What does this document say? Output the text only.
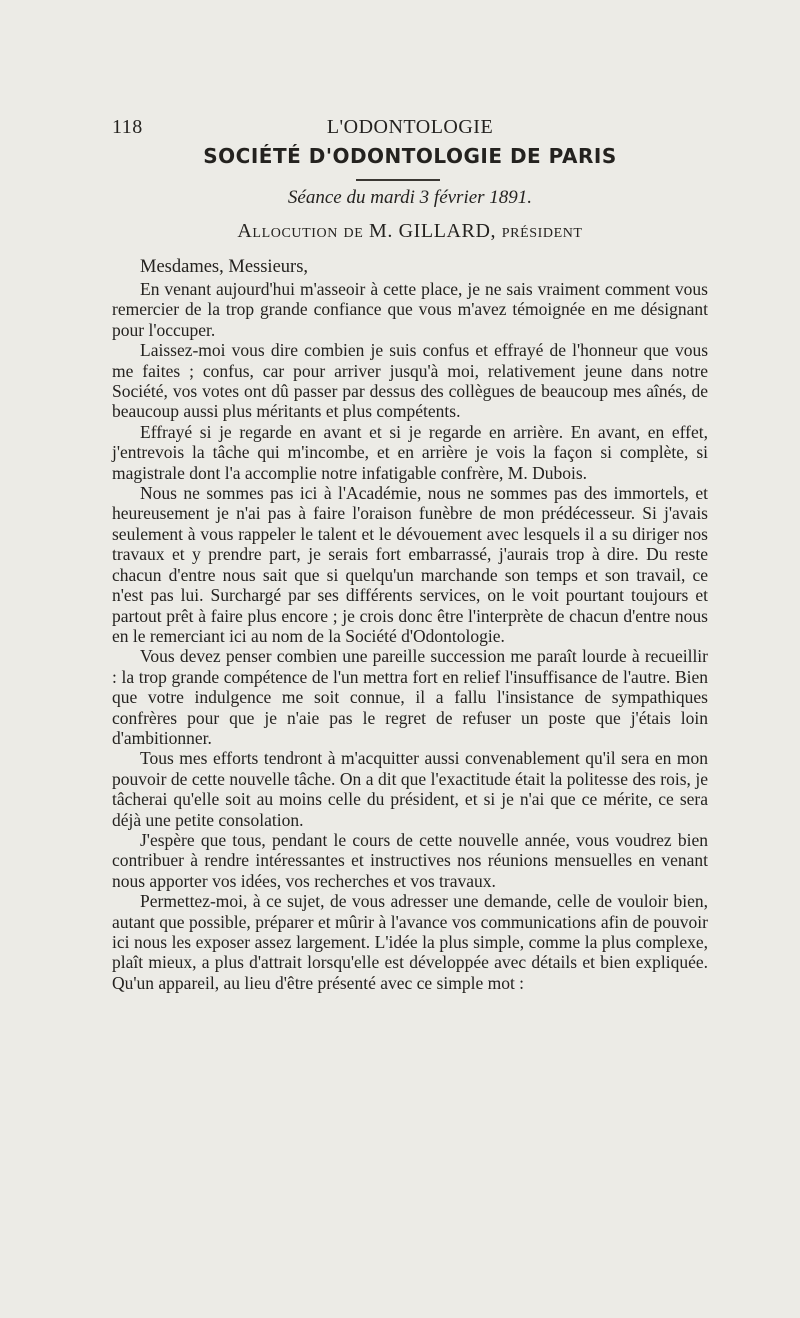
118	L'ODONTOLOGIE
SOCIÉTÉ D'ODONTOLOGIE DE PARIS
Séance du mardi 3 février 1891.
Allocution de M. GILLARD, président
Mesdames, Messieurs,

En venant aujourd'hui m'asseoir à cette place, je ne sais vraiment comment vous remercier de la trop grande confiance que vous m'avez témoignée en me désignant pour l'occuper.

Laissez-moi vous dire combien je suis confus et effrayé de l'honneur que vous me faites ; confus, car pour arriver jusqu'à moi, relativement jeune dans notre Société, vos votes ont dû passer par dessus des collègues de beaucoup mes aînés, de beaucoup aussi plus méritants et plus compétents.

Effrayé si je regarde en avant et si je regarde en arrière. En avant, en effet, j'entrevois la tâche qui m'incombe, et en arrière je vois la façon si complète, si magistrale dont l'a accomplie notre infatigable confrère, M. Dubois.

Nous ne sommes pas ici à l'Académie, nous ne sommes pas des immortels, et heureusement je n'ai pas à faire l'oraison funèbre de mon prédécesseur. Si j'avais seulement à vous rappeler le talent et le dévouement avec lesquels il a su diriger nos travaux et y prendre part, je serais fort embarrassé, j'aurais trop à dire. Du reste chacun d'entre nous sait que si quelqu'un marchande son temps et son travail, ce n'est pas lui. Surchargé par ses différents services, on le voit pourtant toujours et partout prêt à faire plus encore ; je crois donc être l'interprète de chacun d'entre nous en le remerciant ici au nom de la Société d'Odontologie.

Vous devez penser combien une pareille succession me paraît lourde à recueillir : la trop grande compétence de l'un mettra fort en relief l'insuffisance de l'autre. Bien que votre indulgence me soit connue, il a fallu l'insistance de sympathiques confrères pour que je n'aie pas le regret de refuser un poste que j'étais loin d'ambitionner.

Tous mes efforts tendront à m'acquitter aussi convenablement qu'il sera en mon pouvoir de cette nouvelle tâche. On a dit que l'exactitude était la politesse des rois, je tâcherai qu'elle soit au moins celle du président, et si je n'ai que ce mérite, ce sera déjà une petite consolation.

J'espère que tous, pendant le cours de cette nouvelle année, vous voudrez bien contribuer à rendre intéressantes et instructives nos réunions mensuelles en venant nous apporter vos idées, vos recherches et vos travaux.

Permettez-moi, à ce sujet, de vous adresser une demande, celle de vouloir bien, autant que possible, préparer et mûrir à l'avance vos communications afin de pouvoir ici nous les exposer assez largement. L'idée la plus simple, comme la plus complexe, plaît mieux, a plus d'attrait lorsqu'elle est développée avec détails et bien expliquée. Qu'un appareil, au lieu d'être présenté avec ce simple mot :
